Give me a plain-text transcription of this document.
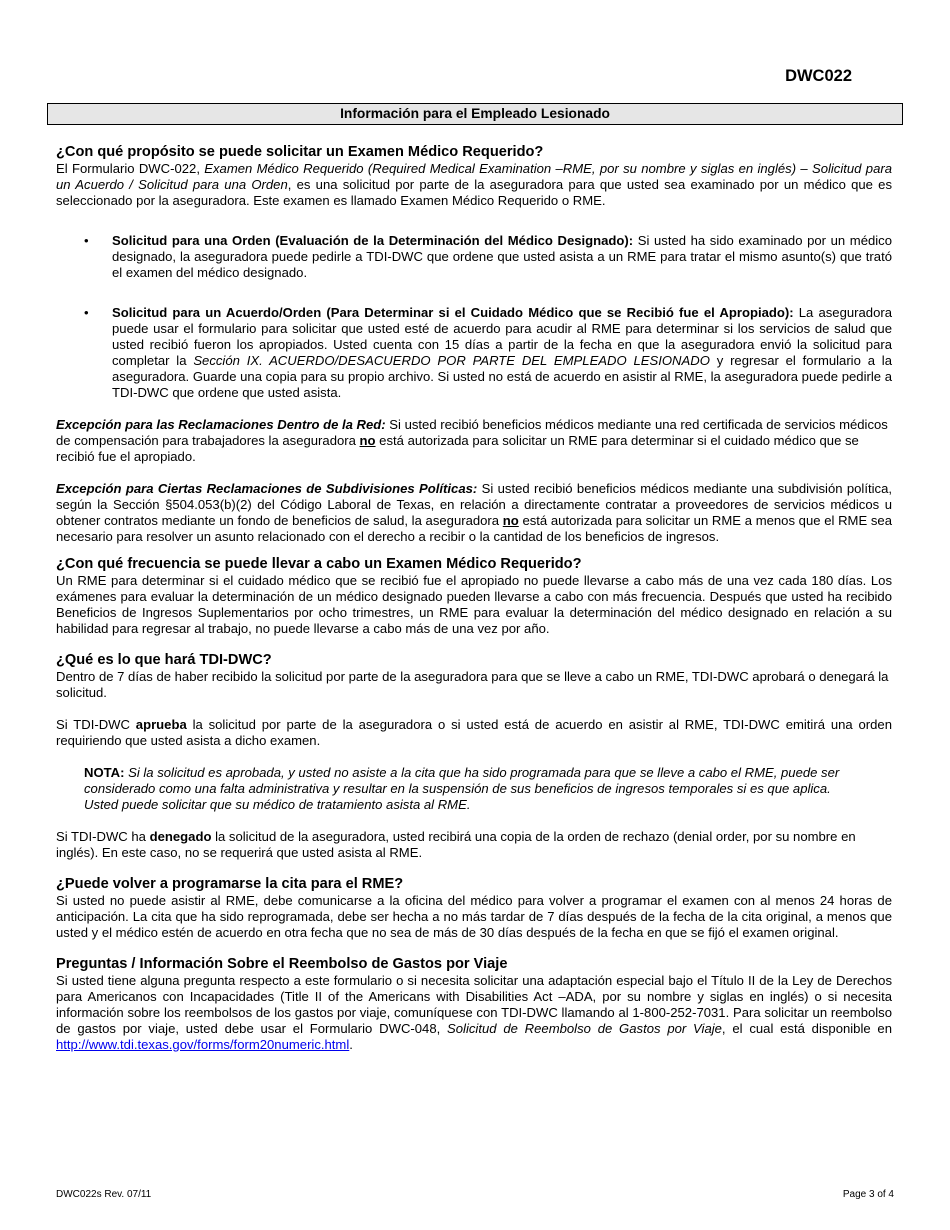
DWC022
Información para el Empleado Lesionado
¿Con qué propósito se puede solicitar un Examen Médico Requerido?

El Formulario DWC-022, Examen Médico Requerido (Required Medical Examination –RME, por su nombre y siglas en inglés) – Solicitud para un Acuerdo / Solicitud para una Orden, es una solicitud por parte de la aseguradora para que usted sea examinado por un médico que es seleccionado por la aseguradora. Este examen es llamado Examen Médico Requerido o RME.

• Solicitud para una Orden (Evaluación de la Determinación del Médico Designado): Si usted ha sido examinado por un médico designado, la aseguradora puede pedirle a TDI-DWC que ordene que usted asista a un RME para tratar el mismo asunto(s) que trató el examen del médico designado.
• Solicitud para un Acuerdo/Orden (Para Determinar si el Cuidado Médico que se Recibió fue el Apropiado): La aseguradora puede usar el formulario para solicitar que usted esté de acuerdo para acudir al RME para determinar si los servicios de salud que usted recibió fueron los apropiados. Usted cuenta con 15 días a partir de la fecha en que la aseguradora envió la solicitud para completar la Sección IX. ACUERDO/DESACUERDO POR PARTE DEL EMPLEADO LESIONADO y regresar el formulario a la aseguradora. Guarde una copia para su propio archivo. Si usted no está de acuerdo en asistir al RME, la aseguradora puede pedirle a TDI-DWC que ordene que usted asista.

Excepción para las Reclamaciones Dentro de la Red: Si usted recibió beneficios médicos mediante una red certificada de servicios médicos de compensación para trabajadores la aseguradora no está autorizada para solicitar un RME para determinar si el cuidado médico que se recibió fue el apropiado.

Excepción para Ciertas Reclamaciones de Subdivisiones Políticas: Si usted recibió beneficios médicos mediante una subdivisión política, según la Sección §504.053(b)(2) del Código Laboral de Texas, en relación a directamente contratar a proveedores de servicios médicos u obtener contratos mediante un fondo de beneficios de salud, la aseguradora no está autorizada para solicitar un RME a menos que el RME sea necesario para resolver un asunto relacionado con el derecho a recibir o la cantidad de los beneficios de ingresos.

¿Con qué frecuencia se puede llevar a cabo un Examen Médico Requerido?

Un RME para determinar si el cuidado médico que se recibió fue el apropiado no puede llevarse a cabo más de una vez cada 180 días. Los exámenes para evaluar la determinación de un médico designado pueden llevarse a cabo con más frecuencia. Después que usted ha recibido Beneficios de Ingresos Suplementarios por ocho trimestres, un RME para evaluar la determinación del médico designado en relación a su habilidad para regresar al trabajo, no puede llevarse a cabo más de una vez por año.

¿Qué es lo que hará TDI-DWC?

Dentro de 7 días de haber recibido la solicitud por parte de la aseguradora para que se lleve a cabo un RME, TDI-DWC aprobará o denegará la solicitud.

Si TDI-DWC aprueba la solicitud por parte de la aseguradora o si usted está de acuerdo en asistir al RME, TDI-DWC emitirá una orden requiriendo que usted asista a dicho examen.

NOTA: Si la solicitud es aprobada, y usted no asiste a la cita que ha sido programada para que se lleve a cabo el RME, puede ser considerado como una falta administrativa y resultar en la suspensión de sus beneficios de ingresos temporales si es que aplica. Usted puede solicitar que su médico de tratamiento asista al RME.

Si TDI-DWC ha denegado la solicitud de la aseguradora, usted recibirá una copia de la orden de rechazo (denial order, por su nombre en inglés). En este caso, no se requerirá que usted asista al RME.

¿Puede volver a programarse la cita para el RME?

Si usted no puede asistir al RME, debe comunicarse a la oficina del médico para volver a programar el examen con al menos 24 horas de anticipación. La cita que ha sido reprogramada, debe ser hecha a no más tardar de 7 días después de la fecha de la cita original, a menos que usted y el médico estén de acuerdo en otra fecha que no sea de más de 30 días después de la fecha en que se fijó el examen original.

Preguntas / Información Sobre el Reembolso de Gastos por Viaje

Si usted tiene alguna pregunta respecto a este formulario o si necesita solicitar una adaptación especial bajo el Título II de la Ley de Derechos para Americanos con Incapacidades (Title II of the Americans with Disabilities Act –ADA, por su nombre y siglas en inglés) o si necesita información sobre los reembolsos de los gastos por viaje, comuníquese con TDI-DWC llamando al 1-800-252-7031. Para solicitar un reembolso de gastos por viaje, usted debe usar el Formulario DWC-048, Solicitud de Reembolso de Gastos por Viaje, el cual está disponible en http://www.tdi.texas.gov/forms/form20numeric.html.

DWC022s Rev. 07/11	Page 3 of 4
